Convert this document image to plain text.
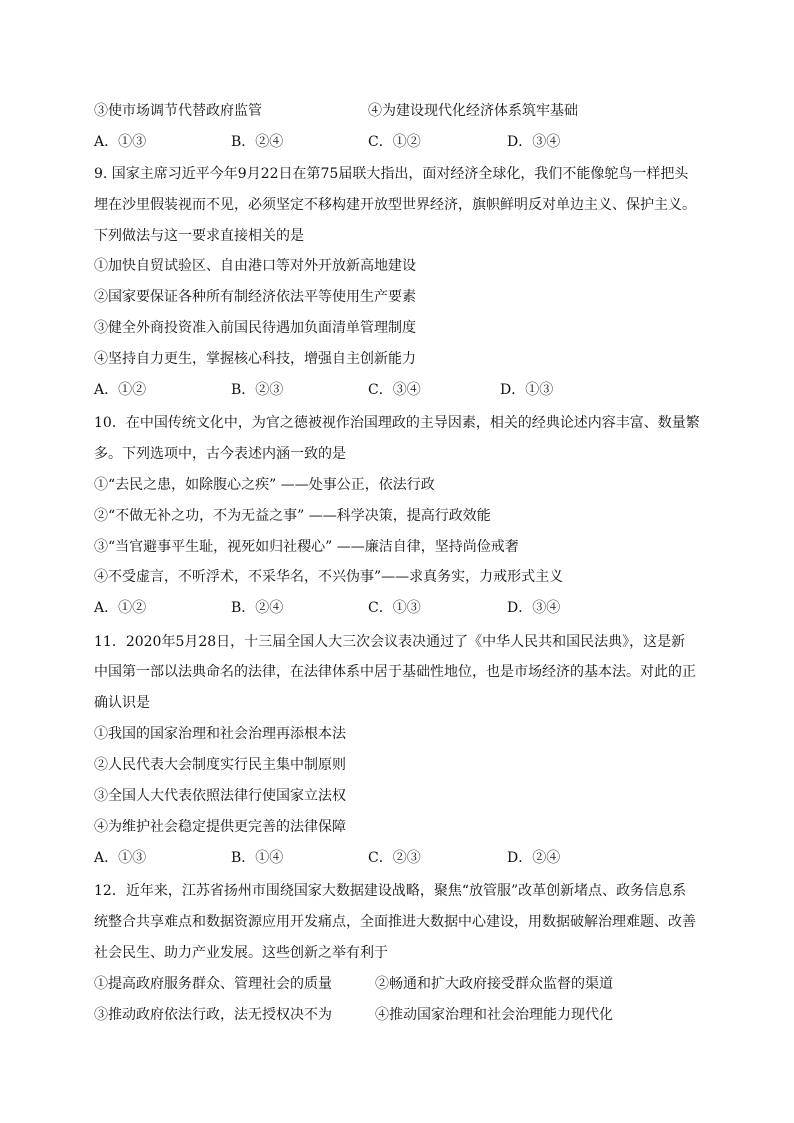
③使市场调节代替政府监管	④为建设现代化经济体系筑牢基础
A．①③	B．②④	C．①②	D．③④
9. 国家主席习近平今年9月22日在第75届联大指出，面对经济全球化，我们不能像鸵鸟一样把头
埋在沙里假装视而不见，必须坚定不移构建开放型世界经济，旗帜鲜明反对单边主义、保护主义。
下列做法与这一要求直接相关的是
①加快自贸试验区、自由港口等对外开放新高地建设
②国家要保证各种所有制经济依法平等使用生产要素
③健全外商投资准入前国民待遇加负面清单管理制度
④坚持自力更生，掌握核心科技，增强自主创新能力
A．①②	B．②③	C．③④	D．①③
10．在中国传统文化中，为官之德被视作治国理政的主导因素，相关的经典论述内容丰富、数量繁
多。下列选项中，古今表述内涵一致的是
①“去民之患，如除腹心之疾” ——处事公正，依法行政
②“不做无补之功，不为无益之事” ——科学决策，提高行政效能
③“当官避事平生耻，视死如归社稷心” ——廉洁自律，坚持尚俭戒奢
④不受虚言，不听浮术，不采华名，不兴伪事”——求真务实，力戒形式主义
A．①②	B．②④	C．①③	D．③④
11．2020年5月28日，十三届全国人大三次会议表决通过了《中华人民共和国民法典》，这是新
中国第一部以法典命名的法律，在法律体系中居于基础性地位，也是市场经济的基本法。对此的正
确认识是
①我国的国家治理和社会治理再添根本法
②人民代表大会制度实行民主集中制原则
③全国人大代表依照法律行使国家立法权
④为维护社会稳定提供更完善的法律保障
A．①③	B．①④	C．②③	D．②④
12．近年来，江苏省扬州市围绕国家大数据建设战略，聚焦“放管服”改革创新堵点、政务信息系
统整合共享难点和数据资源应用开发痛点，全面推进大数据中心建设，用数据破解治理难题、改善
社会民生、助力产业发展。这些创新之举有利于
①提高政府服务群众、管理社会的质量	②畅通和扩大政府接受群众监督的渠道
③推动政府依法行政，法无授权决不为	④推动国家治理和社会治理能力现代化
